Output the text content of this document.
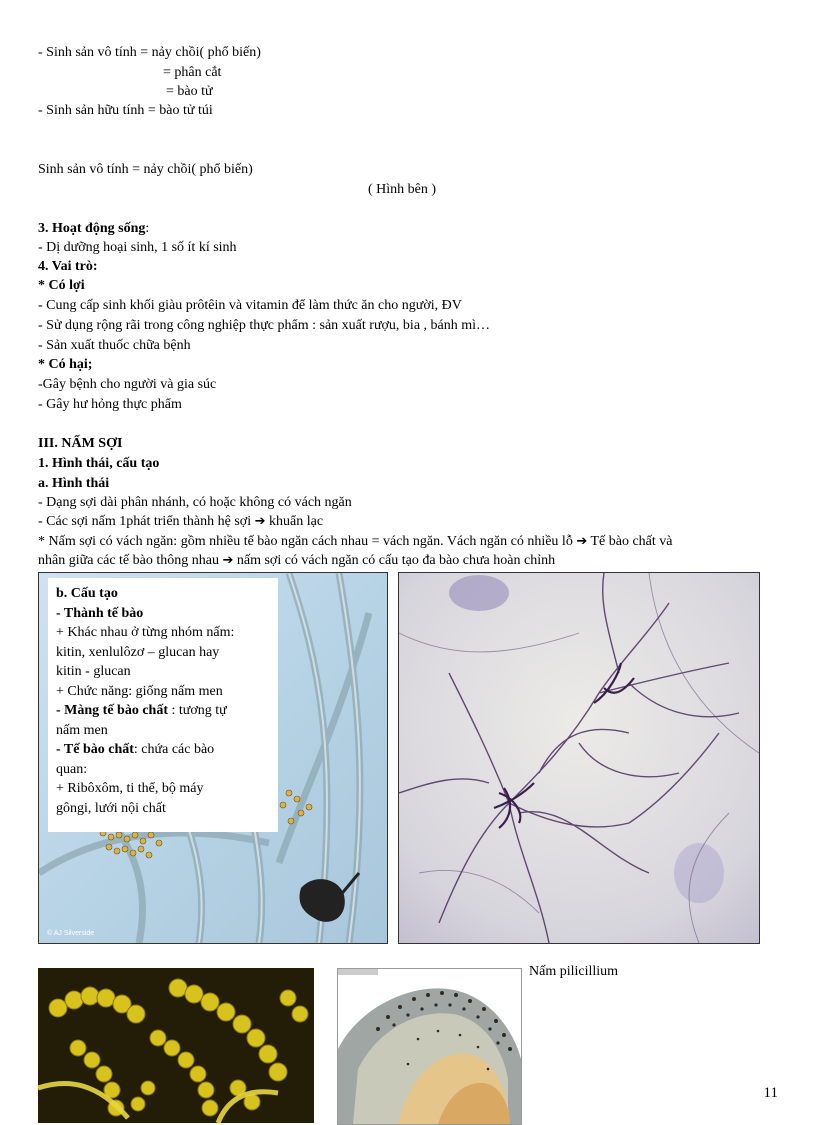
- Sinh sản vô tính = nảy chồi( phổ biến)
= phân cắt
= bào tử
- Sinh sản hữu tính = bào tử túi
Sinh sản vô tính = nảy chồi( phổ biến)
( Hình bên )
3. Hoạt động sống:
- Dị dưỡng hoại sinh, 1 số ít kí sinh
4. Vai trò:
* Có lợi
- Cung cấp sinh khối giàu prôtêin và vitamin để làm thức ăn cho người, ĐV
- Sử dụng rộng rãi trong công nghiệp thực phẩm : sản xuất rượu, bia , bánh mì…
- Sản xuất thuốc chữa bệnh
* Có hại;
-Gây bệnh cho người và gia súc
- Gây hư hỏng thực phẩm
III. NẤM SỢI
1. Hình thái, cấu tạo
a. Hình thái
- Dạng sợi dài phân nhánh, có hoặc không có vách ngăn
- Các sợi nấm 1phát triển thành hệ sợi ➔ khuẩn lạc
* Nấm sợi có vách ngăn: gồm nhiều tế bào ngăn cách nhau = vách ngăn. Vách ngăn có nhiều lỗ ➔ Tế bào chất và
nhân giữa các tế bào thông nhau ➔ nấm sợi có vách ngăn có cấu tạo đa bào chưa hoàn chỉnh
© AJ Silverside
b. Cấu tạo
- Thành tế bào
+ Khác nhau ở từng nhóm nấm:
kitin, xenlulôzơ – glucan hay
kitin - glucan
+ Chức năng: giống nấm men
- Màng tế bào chất : tương tự
nấm men
- Tế bào chất: chứa các bào
quan:
+ Ribôxôm, ti thể, bộ máy
gôngi, lưới nội chất
Nấm pilicillium
11
